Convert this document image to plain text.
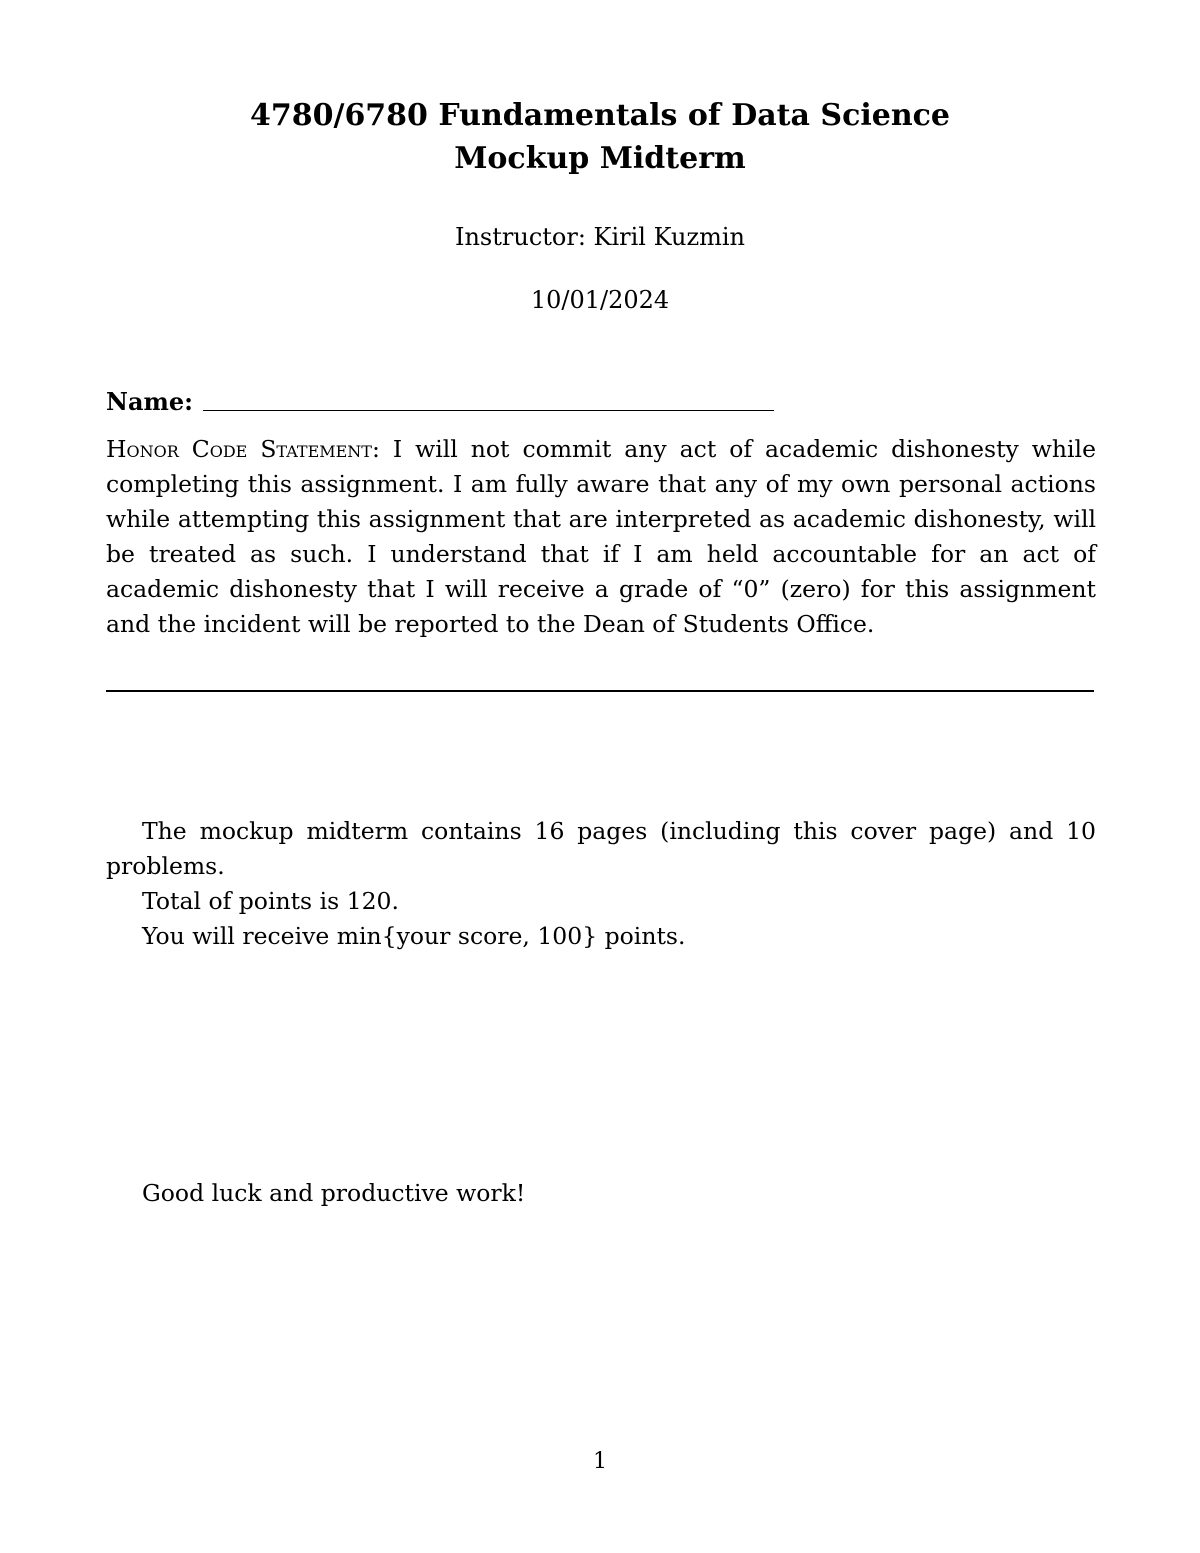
4780/6780 Fundamentals of Data Science
Mockup Midterm
Instructor: Kiril Kuzmin
10/01/2024
Name:
Honor Code Statement: I will not commit any act of academic dishonesty while completing this assignment. I am fully aware that any of my own personal actions while attempting this assignment that are interpreted as academic dishonesty, will be treated as such. I understand that if I am held accountable for an act of academic dishonesty that I will receive a grade of “0” (zero) for this assignment and the incident will be reported to the Dean of Students Office.
The mockup midterm contains 16 pages (including this cover page) and 10 problems.
Total of points is 120.
You will receive min{your score, 100} points.
Good luck and productive work!
1
